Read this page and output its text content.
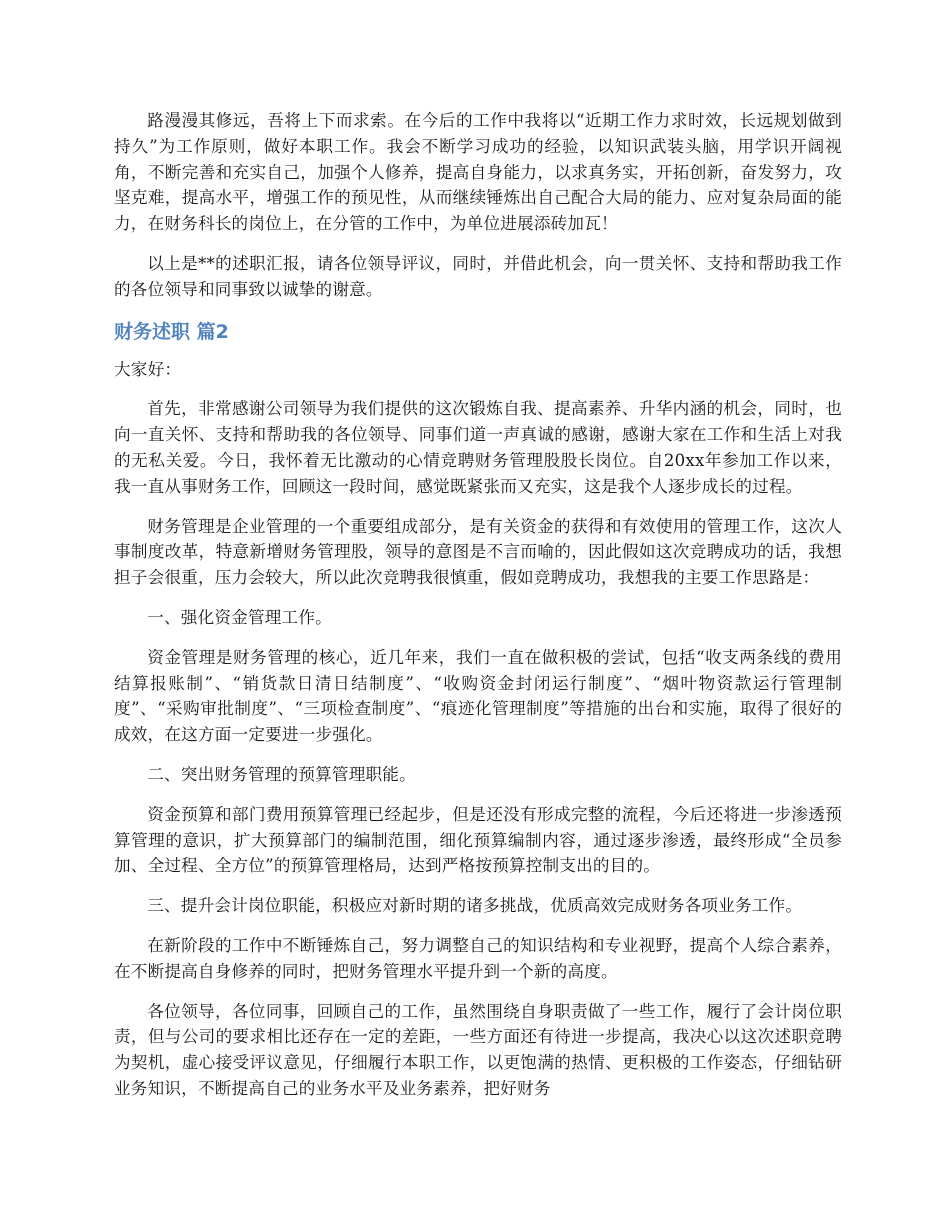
路漫漫其修远，吾将上下而求索。在今后的工作中我将以“近期工作力求时效，长远规划做到持久”为工作原则，做好本职工作。我会不断学习成功的经验，以知识武装头脑，用学识开阔视角，不断完善和充实自己，加强个人修养，提高自身能力，以求真务实，开拓创新，奋发努力，攻坚克难，提高水平，增强工作的预见性，从而继续锤炼出自己配合大局的能力、应对复杂局面的能力，在财务科长的岗位上，在分管的工作中，为单位进展添砖加瓦！

以上是**的述职汇报，请各位领导评议，同时，并借此机会，向一贯关怀、支持和帮助我工作的各位领导和同事致以诚挚的谢意。

财务述职 篇2

大家好：

首先，非常感谢公司领导为我们提供的这次锻炼自我、提高素养、升华内涵的机会，同时，也向一直关怀、支持和帮助我的各位领导、同事们道一声真诚的感谢，感谢大家在工作和生活上对我的无私关爱。今日，我怀着无比激动的心情竞聘财务管理股股长岗位。自20xx年参加工作以来，我一直从事财务工作，回顾这一段时间，感觉既紧张而又充实，这是我个人逐步成长的过程。

财务管理是企业管理的一个重要组成部分，是有关资金的获得和有效使用的管理工作，这次人事制度改革，特意新增财务管理股，领导的意图是不言而喻的，因此假如这次竞聘成功的话，我想担子会很重，压力会较大，所以此次竞聘我很慎重，假如竞聘成功，我想我的主要工作思路是：

一、强化资金管理工作。

资金管理是财务管理的核心，近几年来，我们一直在做积极的尝试，包括“收支两条线的费用结算报账制”、“销货款日清日结制度”、“收购资金封闭运行制度”、“烟叶物资款运行管理制度”、“采购审批制度”、“三项检查制度”、“痕迹化管理制度”等措施的出台和实施，取得了很好的成效，在这方面一定要进一步强化。

二、突出财务管理的预算管理职能。

资金预算和部门费用预算管理已经起步，但是还没有形成完整的流程，今后还将进一步渗透预算管理的意识，扩大预算部门的编制范围，细化预算编制内容，通过逐步渗透，最终形成“全员参加、全过程、全方位”的预算管理格局，达到严格按预算控制支出的目的。

三、提升会计岗位职能，积极应对新时期的诸多挑战，优质高效完成财务各项业务工作。

在新阶段的工作中不断锤炼自己，努力调整自己的知识结构和专业视野，提高个人综合素养，在不断提高自身修养的同时，把财务管理水平提升到一个新的高度。

各位领导，各位同事，回顾自己的工作，虽然围绕自身职责做了一些工作，履行了会计岗位职责，但与公司的要求相比还存在一定的差距，一些方面还有待进一步提高，我决心以这次述职竞聘为契机，虚心接受评议意见，仔细履行本职工作，以更饱满的热情、更积极的工作姿态，仔细钻研业务知识，不断提高自己的业务水平及业务素养，把好财务
